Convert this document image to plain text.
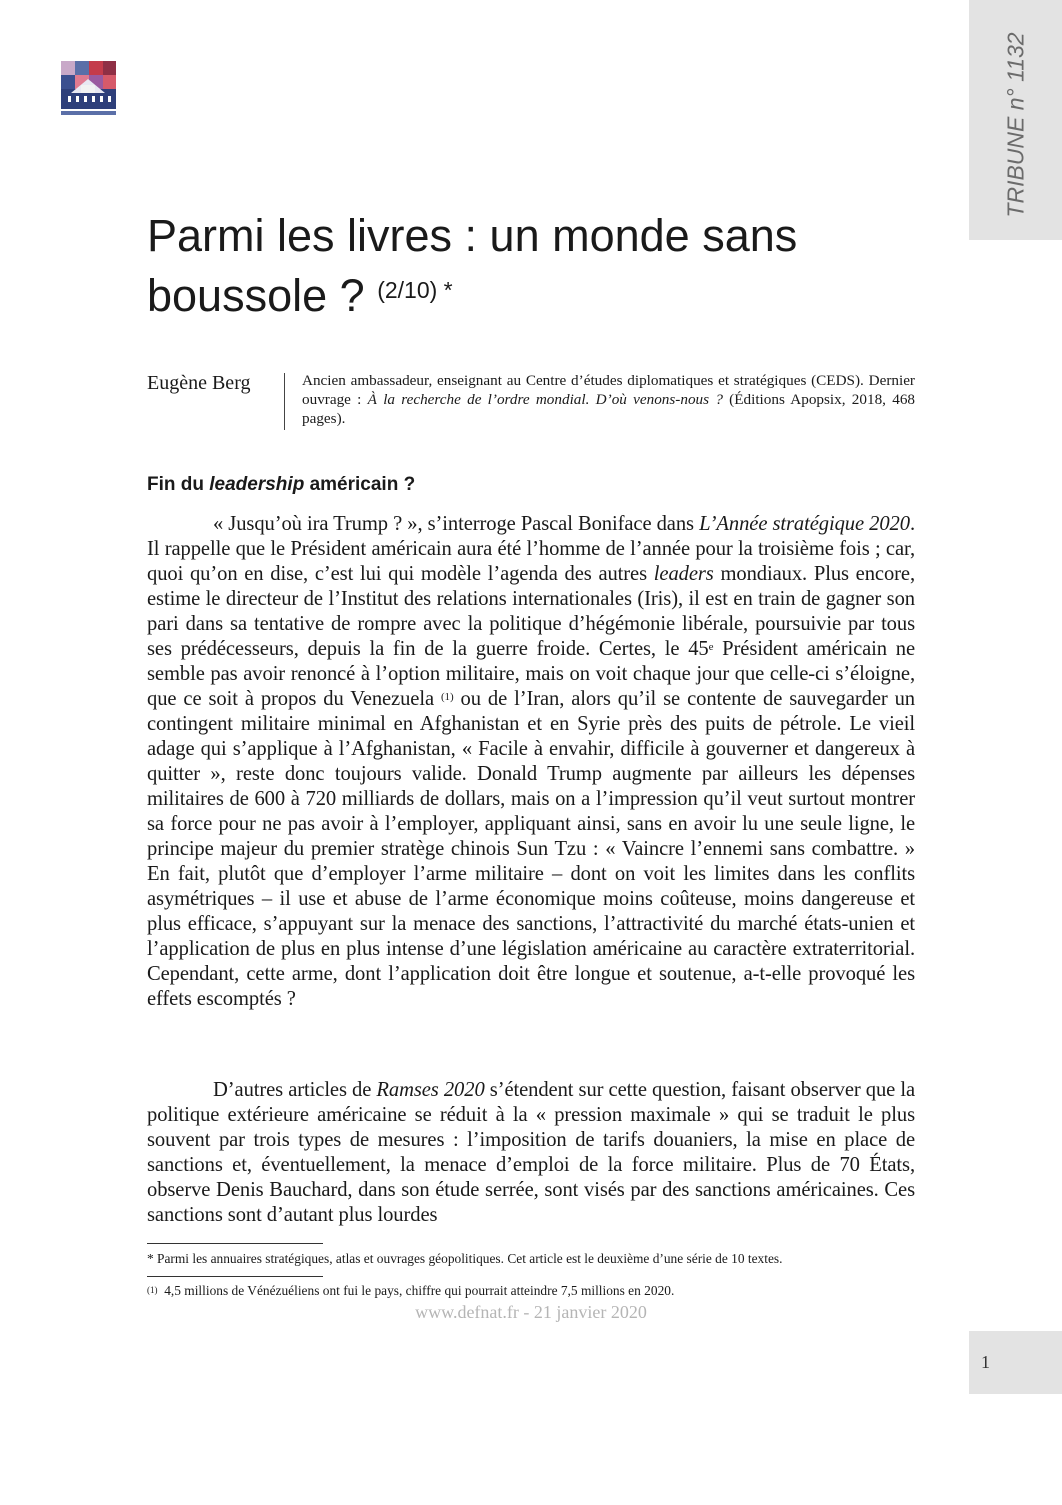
TRIBUNE n° 1132
1
Parmi les livres : un monde sans boussole ? $^{(2/10) *}$
Eugène Berg	Ancien ambassadeur, enseignant au Centre d’études diplomatiques et stratégiques (CEDS). Dernier ouvrage : À la recherche de l’ordre mondial. D’où venons-nous ? (Éditions Apopsix, 2018, 468 pages).
Fin du leadership américain ?

« Jusqu’où ira Trump ? », s’interroge Pascal Boniface dans L’Année stratégique 2020. Il rappelle que le Président américain aura été l’homme de l’année pour la troisième fois ; car, quoi qu’on en dise, c’est lui qui modèle l’agenda des autres leaders mondiaux. Plus encore, estime le directeur de l’Institut des relations internationales (Iris), il est en train de gagner son pari dans sa tentative de rompre avec la politique d’hégémonie libérale, poursuivie par tous ses prédécesseurs, depuis la fin de la guerre froide. Certes, le 45e Président américain ne semble pas avoir renoncé à l’option militaire, mais on voit chaque jour que celle-ci s’éloigne, que ce soit à propos du Venezuela $^{(1)}$ ou de l’Iran, alors qu’il se contente de sauvegarder un contingent militaire minimal en Afghanistan et en Syrie près des puits de pétrole. Le vieil adage qui s’applique à l’Afghanistan, « Facile à envahir, difficile à gouverner et dangereux à quitter », reste donc toujours valide. Donald Trump augmente par ailleurs les dépenses militaires de 600 à 720 milliards de dollars, mais on a l’impression qu’il veut surtout montrer sa force pour ne pas avoir à l’employer, appliquant ainsi, sans en avoir lu une seule ligne, le principe majeur du premier stratège chinois Sun Tzu : « Vaincre l’ennemi sans combattre. » En fait, plutôt que d’employer l’arme militaire – dont on voit les limites dans les conflits asymétriques – il use et abuse de l’arme économique moins coûteuse, moins dangereuse et plus efficace, s’appuyant sur la menace des sanctions, l’attractivité du marché états-unien et l’application de plus en plus intense d’une législation américaine au caractère extraterritorial. Cependant, cette arme, dont l’application doit être longue et soutenue, a-t-elle provoqué les effets escomptés ?

D’autres articles de Ramses 2020 s’étendent sur cette question, faisant observer que la politique extérieure américaine se réduit à la « pression maximale » qui se traduit le plus souvent par trois types de mesures : l’imposition de tarifs douaniers, la mise en place de sanctions et, éventuellement, la menace d’emploi de la force militaire. Plus de 70 États, observe Denis Bauchard, dans son étude serrée, sont visés par des sanctions américaines. Ces sanctions sont d’autant plus lourdes

* Parmi les annuaires stratégiques, atlas et ouvrages géopolitiques. Cet article est le deuxième d’une série de 10 textes.
$^{(1)}$ 4,5 millions de Vénézuéliens ont fui le pays, chiffre qui pourrait atteindre 7,5 millions en 2020.
www.defnat.fr - 21 janvier 2020
